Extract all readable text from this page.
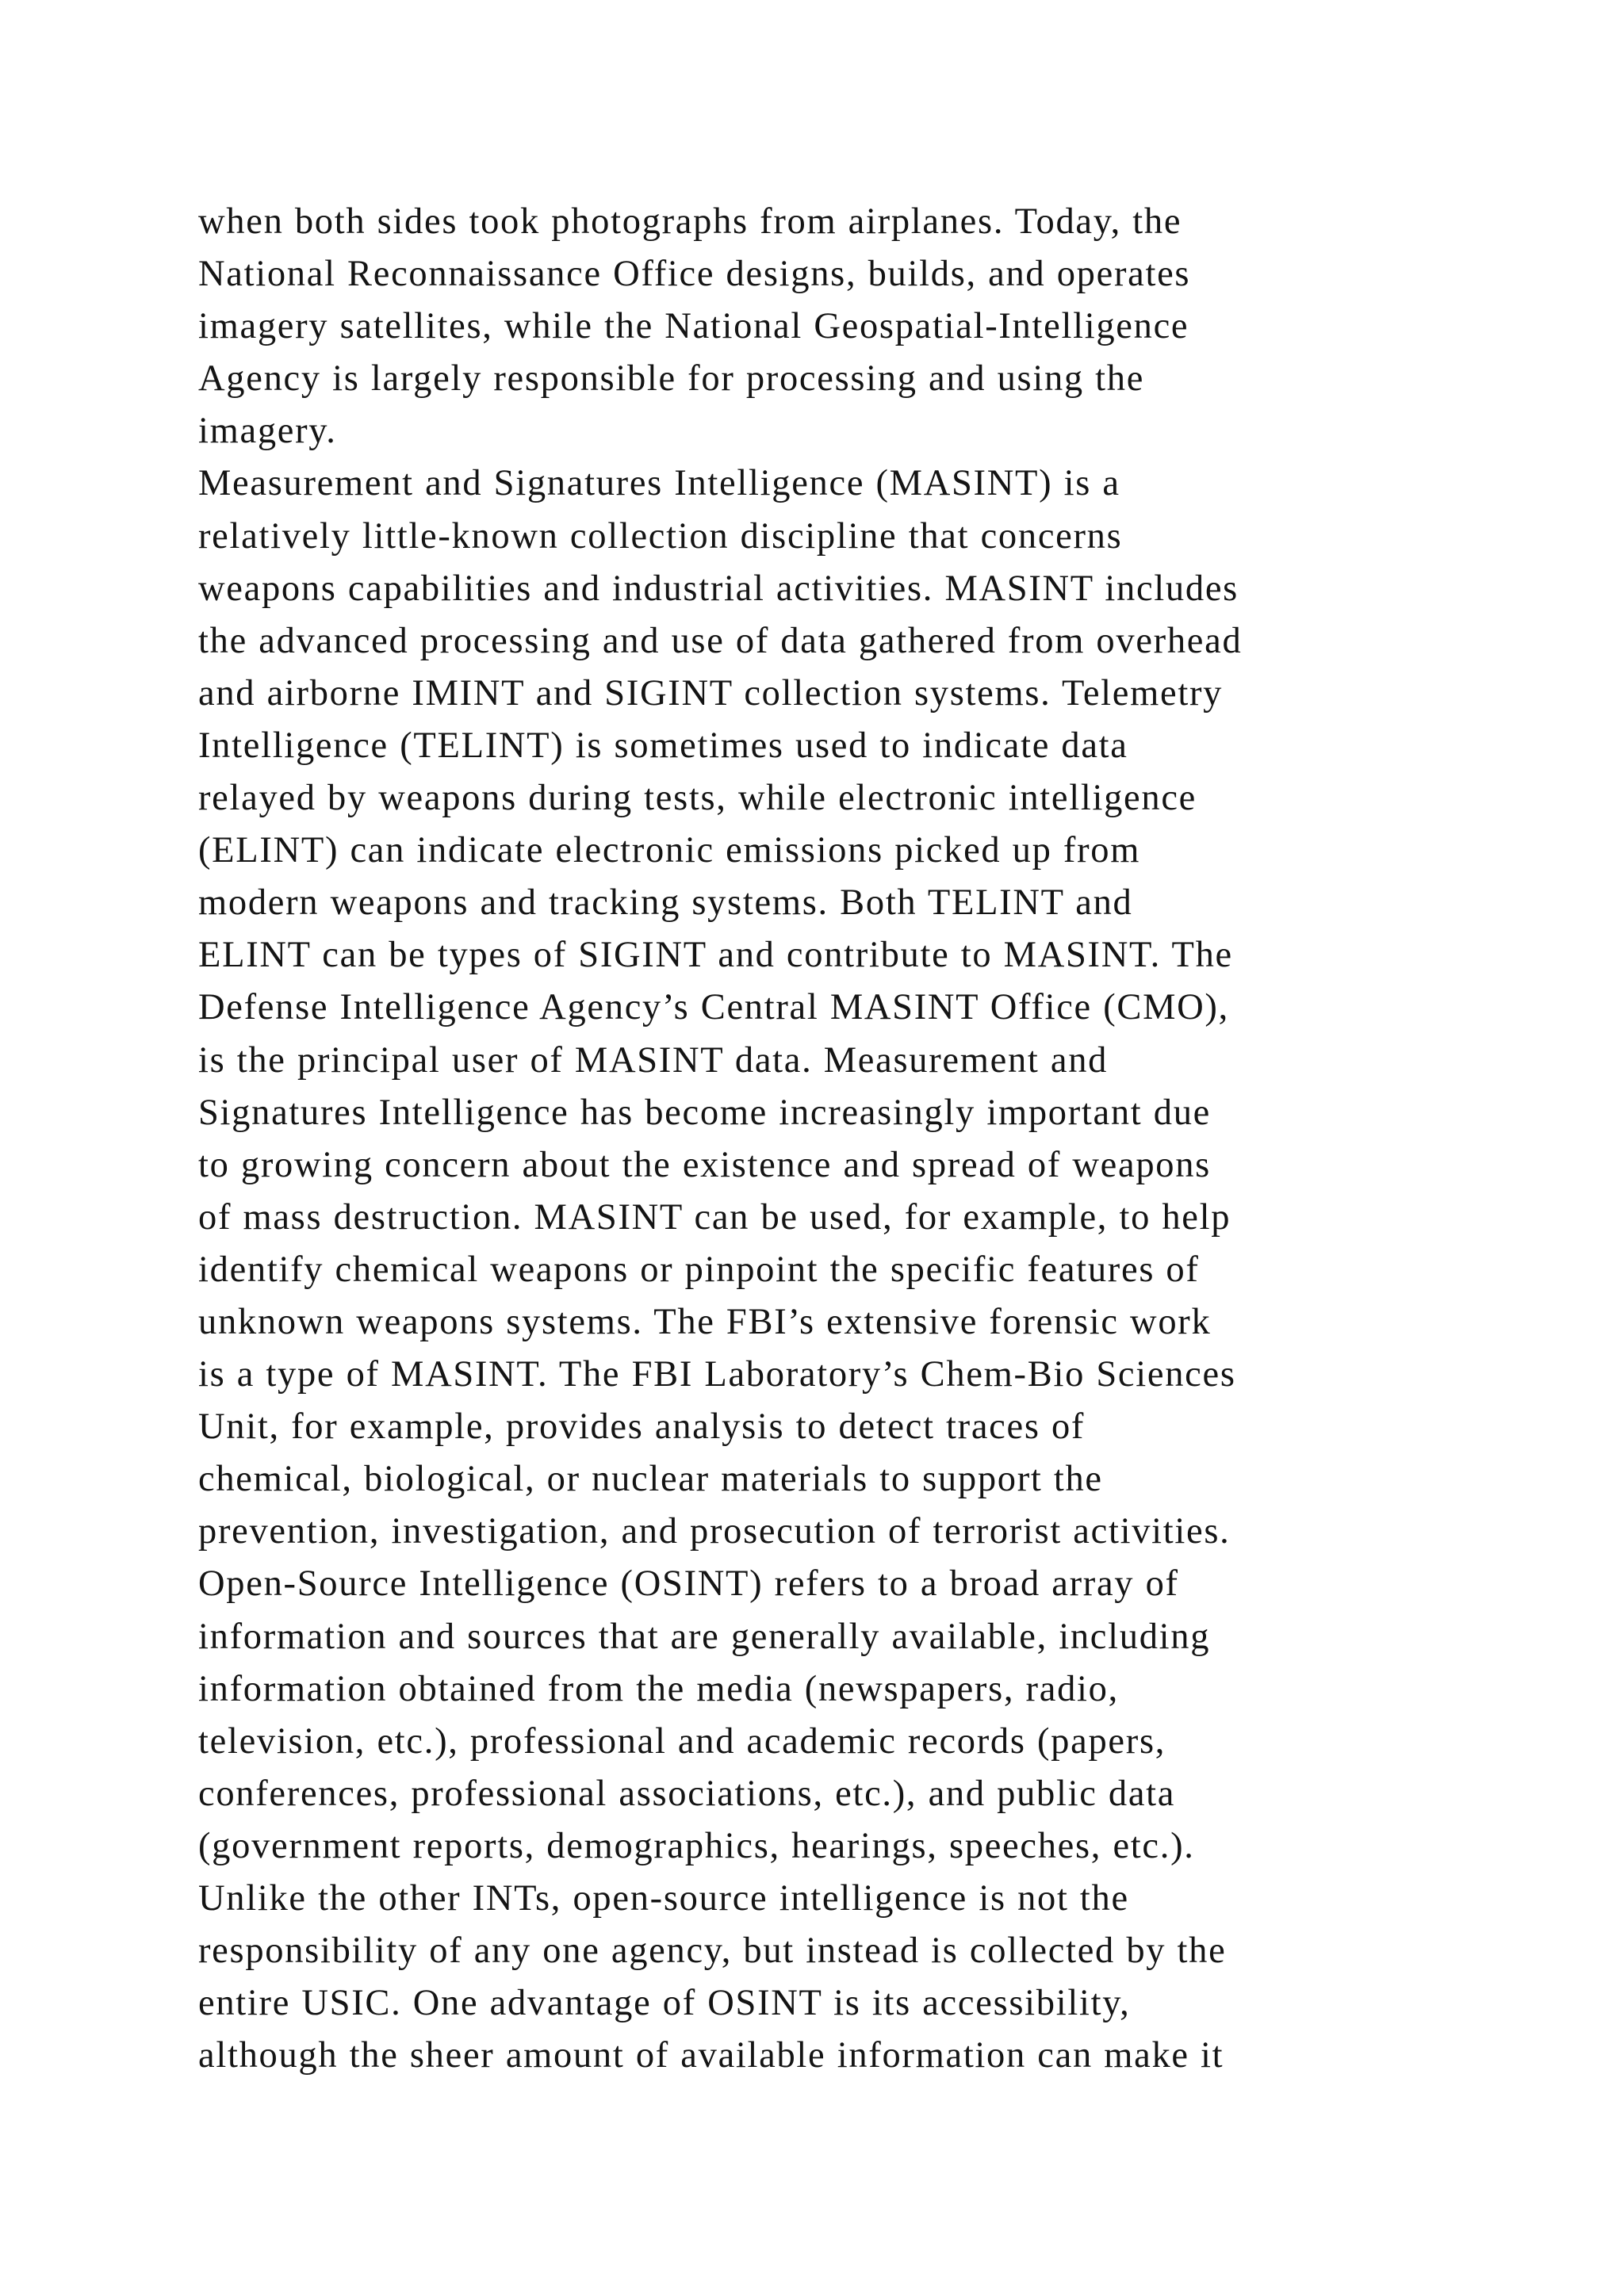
when both sides took photographs from airplanes. Today, the
National Reconnaissance Office designs, builds, and operates
imagery satellites, while the National Geospatial-Intelligence
Agency is largely responsible for processing and using the
imagery.
Measurement and Signatures Intelligence (MASINT) is a
relatively little-known collection discipline that concerns
weapons capabilities and industrial activities. MASINT includes
the advanced processing and use of data gathered from overhead
and airborne IMINT and SIGINT collection systems. Telemetry
Intelligence (TELINT) is sometimes used to indicate data
relayed by weapons during tests, while electronic intelligence
(ELINT) can indicate electronic emissions picked up from
modern weapons and tracking systems. Both TELINT and
ELINT can be types of SIGINT and contribute to MASINT. The
Defense Intelligence Agency’s Central MASINT Office (CMO),
is the principal user of MASINT data. Measurement and
Signatures Intelligence has become increasingly important due
to growing concern about the existence and spread of weapons
of mass destruction. MASINT can be used, for example, to help
identify chemical weapons or pinpoint the specific features of
unknown weapons systems. The FBI’s extensive forensic work
is a type of MASINT. The FBI Laboratory’s Chem-Bio Sciences
Unit, for example, provides analysis to detect traces of
chemical, biological, or nuclear materials to support the
prevention, investigation, and prosecution of terrorist activities.
Open-Source Intelligence (OSINT) refers to a broad array of
information and sources that are generally available, including
information obtained from the media (newspapers, radio,
television, etc.), professional and academic records (papers,
conferences, professional associations, etc.), and public data
(government reports, demographics, hearings, speeches, etc.).
Unlike the other INTs, open-source intelligence is not the
responsibility of any one agency, but instead is collected by the
entire USIC. One advantage of OSINT is its accessibility,
although the sheer amount of available information can make it
